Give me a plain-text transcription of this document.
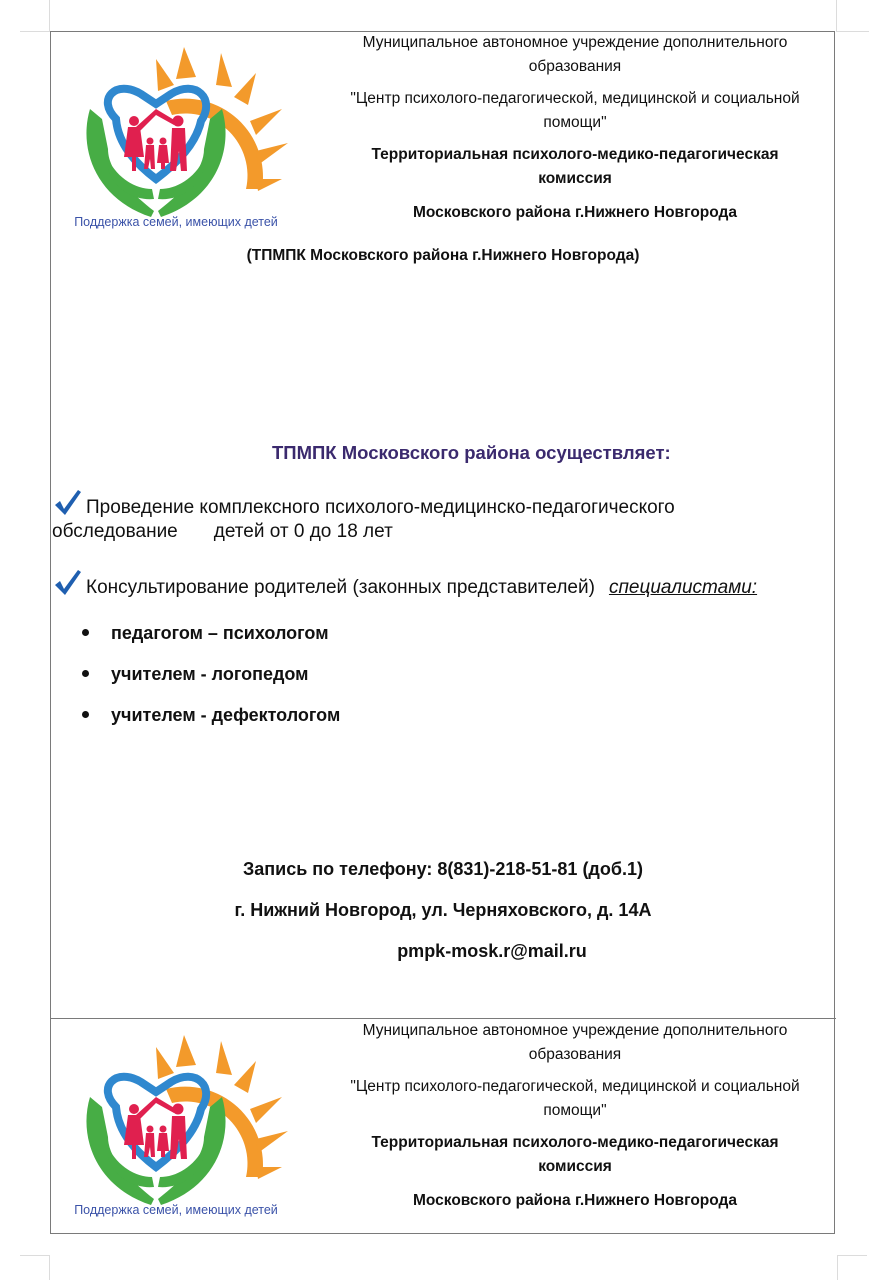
Поддержка семей, имеющих детей
Муниципальное автономное учреждение дополнительного
образования
"Центр психолого-педагогической, медицинской и социальной
помощи"
Территориальная психолого-медико-педагогическая
комиссия
Московского района г.Нижнего Новгорода
(ТПМПК Московского района г.Нижнего Новгорода)
ТПМПК Московского района осуществляет:
Проведение комплексного психолого-медицинско-педагогического
обследование детей от 0 до 18 лет
Консультирование родителей (законных представителей) специалистами:
педагогом – психологом
учителем - логопедом
учителем - дефектологом
Запись по телефону: 8(831)-218-51-81 (доб.1)
г. Нижний Новгород, ул. Черняховского, д. 14А
pmpk-mosk.r@mail.ru
Поддержка семей, имеющих детей
Муниципальное автономное учреждение дополнительного
образования
"Центр психолого-педагогической, медицинской и социальной
помощи"
Территориальная психолого-медико-педагогическая
комиссия
Московского района г.Нижнего Новгорода
